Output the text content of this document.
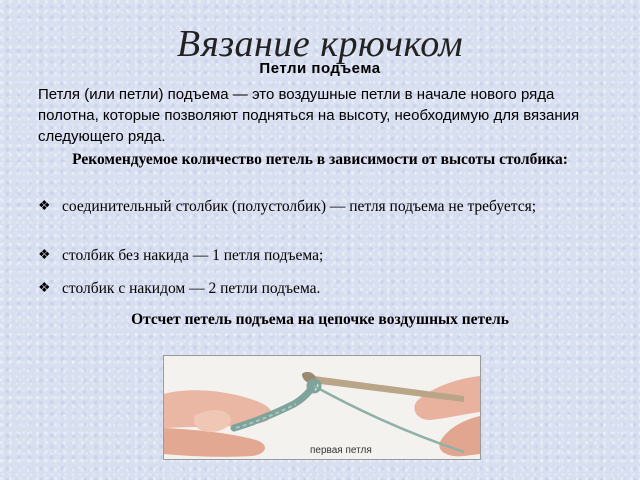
Вязание крючком
Петли подъема
Петля (или петли) подъема — это воздушные петли в начале нового ряда полотна, которые позволяют подняться на высоту, необходимую для вязания следующего ряда.
Рекомендуемое количество петель в зависимости от высоты столбика:
❖ соединительный столбик (полустолбик) — петля подъема не требуется;
❖ столбик без накида — 1 петля подъема;
❖ столбик с накидом — 2 петли подъема.
Отсчет петель подъема на цепочке воздушных петель
первая петля
